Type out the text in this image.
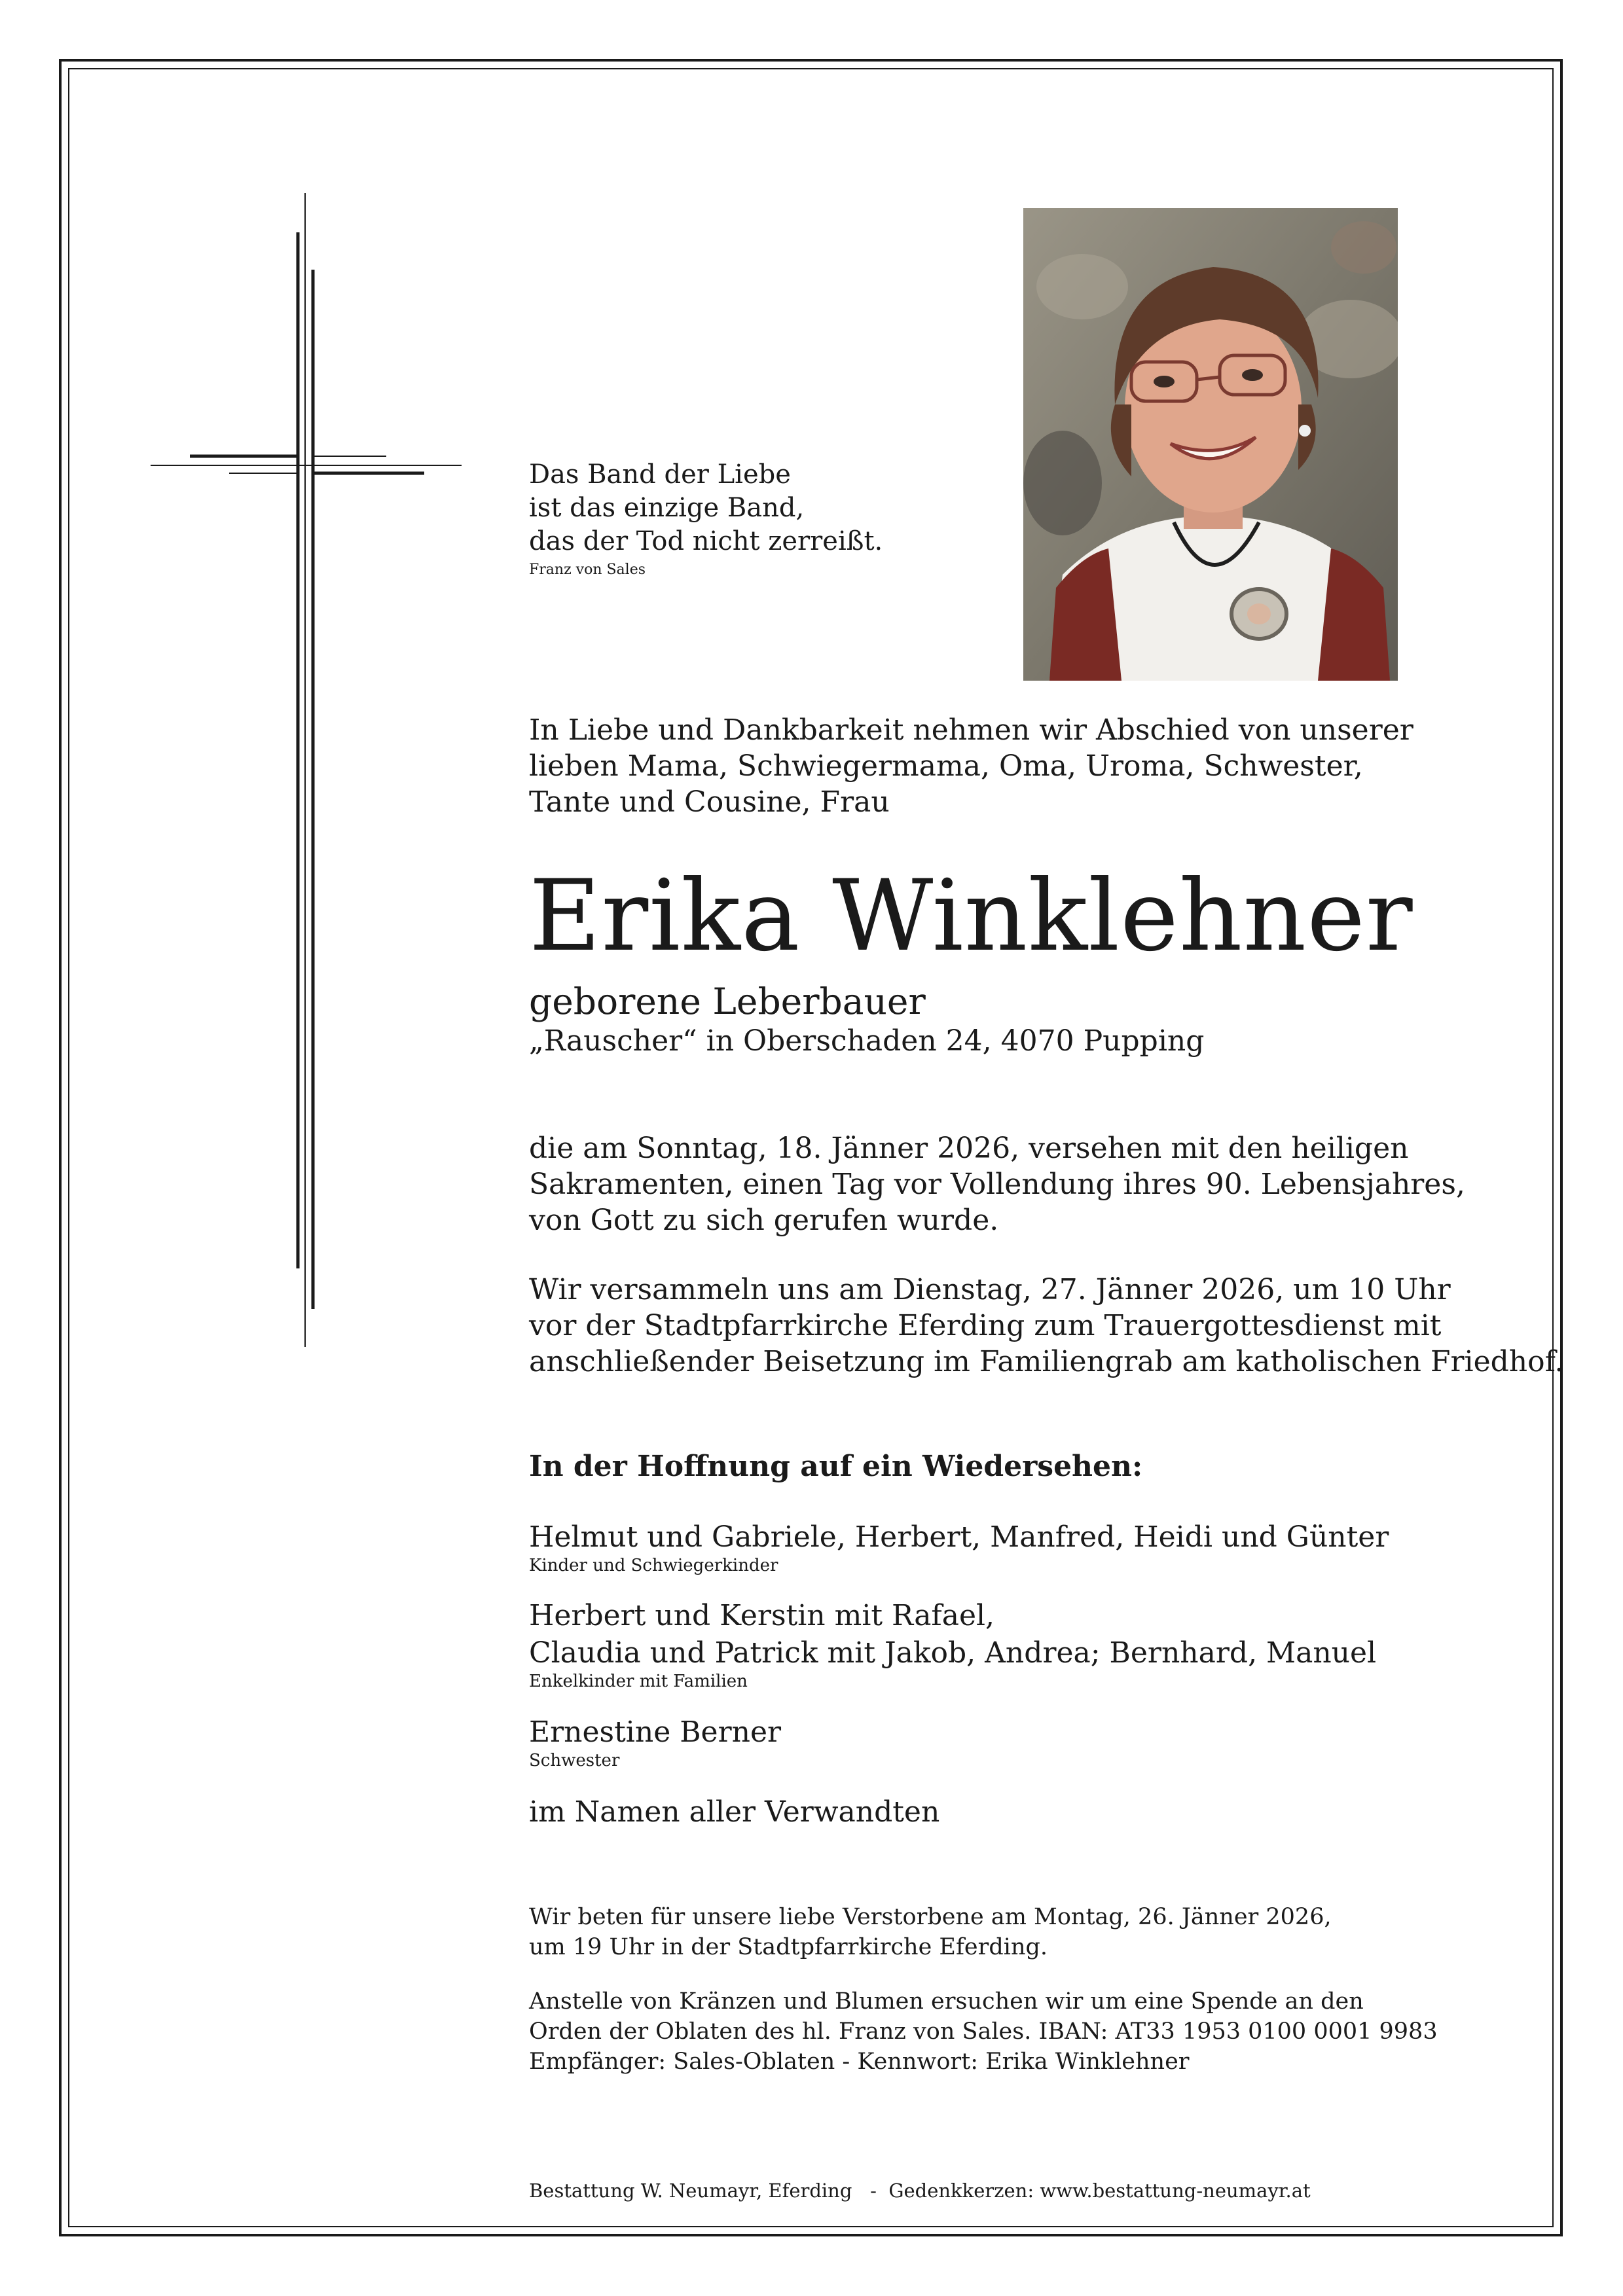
Das Band der Liebe
ist das einzige Band,
das der Tod nicht zerreißt.
Franz von Sales
In Liebe und Dankbarkeit nehmen wir Abschied von unserer
lieben Mama, Schwiegermama, Oma, Uroma, Schwester,
Tante und Cousine, Frau
Erika Winklehner
geborene Leberbauer
„Rauscher“ in Oberschaden 24, 4070 Pupping
die am Sonntag, 18. Jänner 2026, versehen mit den heiligen
Sakramenten, einen Tag vor Vollendung ihres 90. Lebensjahres,
von Gott zu sich gerufen wurde.
Wir versammeln uns am Dienstag, 27. Jänner 2026, um 10 Uhr
vor der Stadtpfarrkirche Eferding zum Trauergottesdienst mit
anschließender Beisetzung im Familiengrab am katholischen Friedhof.
In der Hoffnung auf ein Wiedersehen:
Helmut und Gabriele, Herbert, Manfred, Heidi und Günter
Kinder und Schwiegerkinder
Herbert und Kerstin mit Rafael,
Claudia und Patrick mit Jakob, Andrea; Bernhard, Manuel
Enkelkinder mit Familien
Ernestine Berner
Schwester
im Namen aller Verwandten
Wir beten für unsere liebe Verstorbene am Montag, 26. Jänner 2026,
um 19 Uhr in der Stadtpfarrkirche Eferding.
Anstelle von Kränzen und Blumen ersuchen wir um eine Spende an den
Orden der Oblaten des hl. Franz von Sales. IBAN: AT33 1953 0100 0001 9983
Empfänger: Sales-Oblaten - Kennwort: Erika Winklehner
Bestattung W. Neumayr, Eferding   -  Gedenkkerzen: www.bestattung-neumayr.at
